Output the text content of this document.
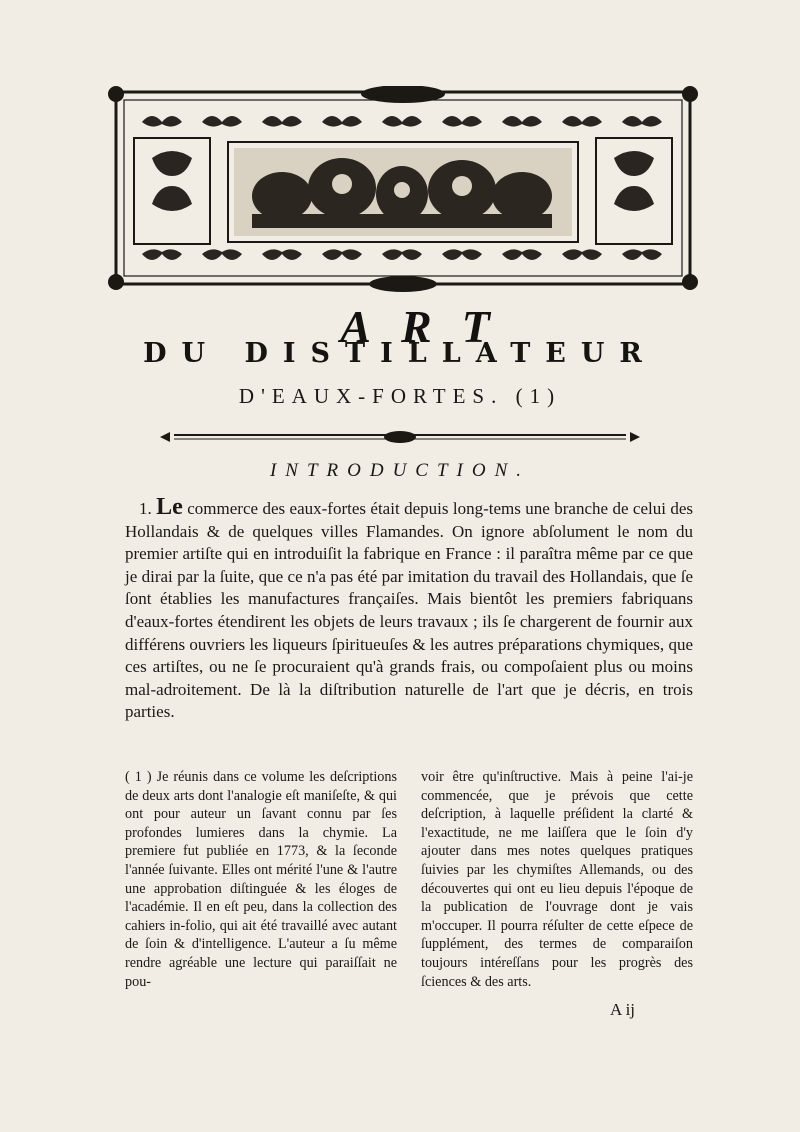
ART
DU DISTILLATEUR
D'EAUX-FORTES. (1)
INTRODUCTION.
1. Le commerce des eaux-fortes était depuis long-tems une branche de celui des Hollandais & de quelques villes Flamandes. On ignore abſolument le nom du premier artiſte qui en introduiſit la fabrique en France : il paraîtra même par ce que je dirai par la ſuite, que ce n'a pas été par imitation du travail des Hollandais, que ſe ſont établies les manufactures françaiſes. Mais bientôt les premiers fabriquans d'eaux-fortes étendirent les objets de leurs travaux ; ils ſe chargerent de fournir aux différens ouvriers les liqueurs ſpiritueuſes & les autres préparations chymiques, que ces artiſtes, ou ne ſe procuraient qu'à grands frais, ou compoſaient plus ou moins mal-adroitement. De là la diſtribution naturelle de l'art que je décris, en trois parties.
( 1 ) Je réunis dans ce volume les deſcriptions de deux arts dont l'analogie eſt maniſeſte, & qui ont pour auteur un ſavant connu par ſes profondes lumieres dans la chymie. La premiere fut publiée en 1773, & la ſeconde l'année ſuivante. Elles ont mérité l'une & l'autre une approbation diſtinguée & les éloges de l'académie. Il en eſt peu, dans la collection des cahiers in-folio, qui ait été travaillé avec autant de ſoin & d'intelligence. L'auteur a ſu même rendre agréable une lecture qui paraiſſait ne pou-
voir être qu'inſtructive. Mais à peine l'ai-je commencée, que je prévois que cette deſcription, à laquelle préſident la clarté & l'exactitude, ne me laiſſera que le ſoin d'y ajouter dans mes notes quelques pratiques ſuivies par les chymiſtes Allemands, ou des découvertes qui ont eu lieu depuis l'époque de la publication de l'ouvrage dont je vais m'occuper. Il pourra réſulter de cette eſpece de ſupplément, des termes de comparaiſon toujours intéreſſans pour les progrès des ſciences & des arts.
A ij
